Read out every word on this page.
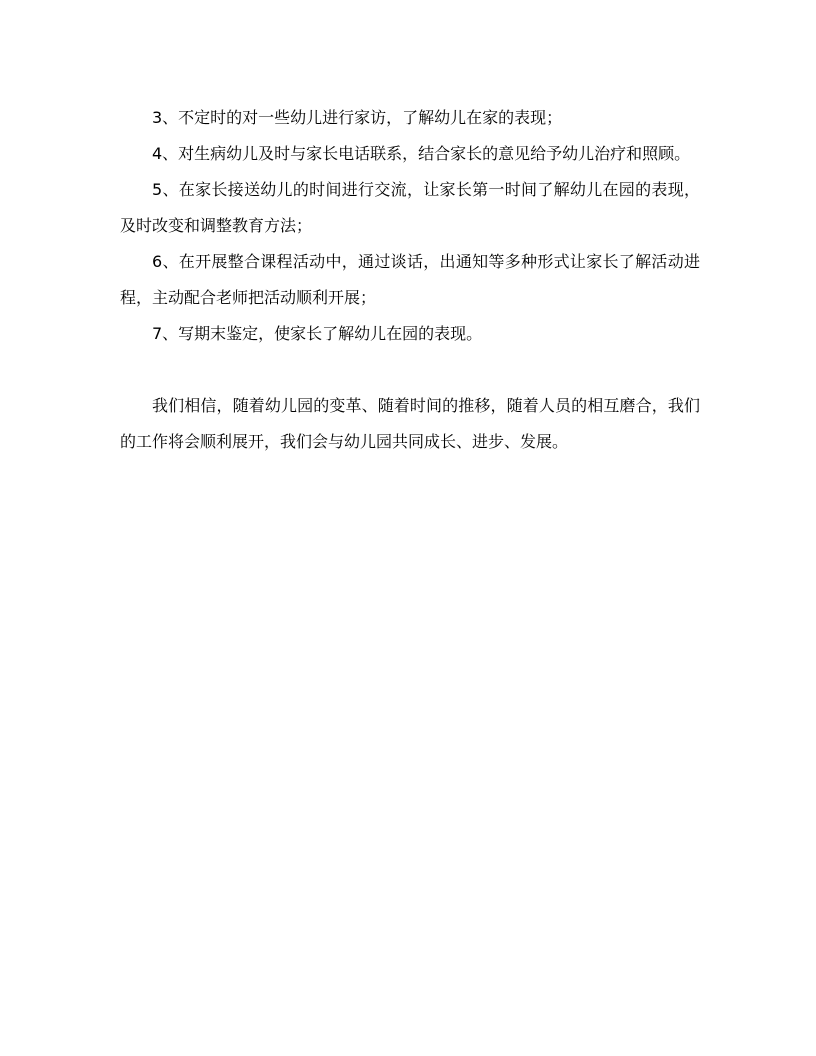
3、不定时的对一些幼儿进行家访，了解幼儿在家的表现；

4、对生病幼儿及时与家长电话联系，结合家长的意见给予幼儿治疗和照顾。

5、在家长接送幼儿的时间进行交流，让家长第一时间了解幼儿在园的表现，及时改变和调整教育方法；

6、在开展整合课程活动中，通过谈话，出通知等多种形式让家长了解活动进程，主动配合老师把活动顺利开展；

7、写期末鉴定，使家长了解幼儿在园的表现。

我们相信，随着幼儿园的变革、随着时间的推移，随着人员的相互磨合，我们的工作将会顺利展开，我们会与幼儿园共同成长、进步、发展。
